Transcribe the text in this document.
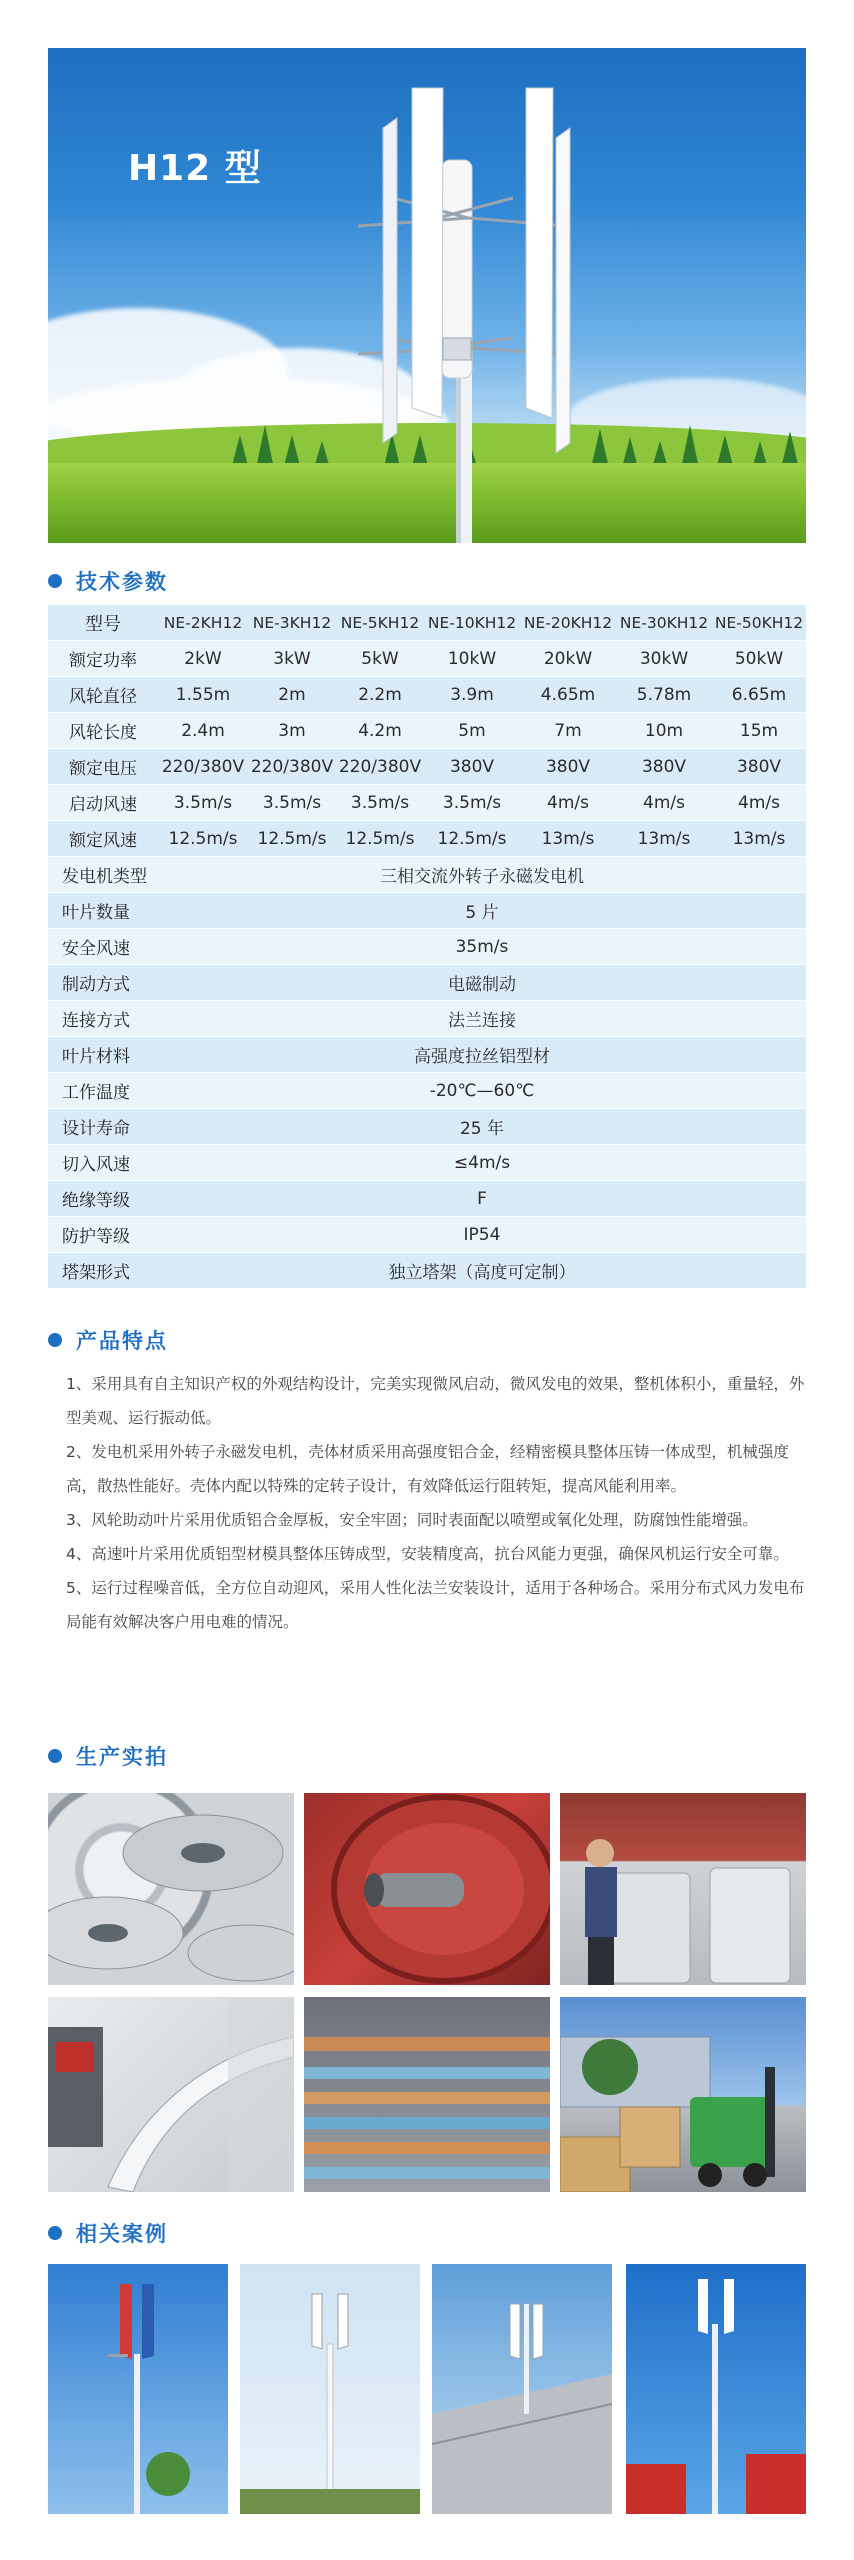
H12 型
技术参数
型号	NE-2KH12	NE-3KH12	NE-5KH12	NE-10KH12	NE-20KH12	NE-30KH12	NE-50KH12
额定功率	2kW	3kW	5kW	10kW	20kW	30kW	50kW
风轮直径	1.55m	2m	2.2m	3.9m	4.65m	5.78m	6.65m
风轮长度	2.4m	3m	4.2m	5m	7m	10m	15m
额定电压	220/380V	220/380V	220/380V	380V	380V	380V	380V
启动风速	3.5m/s	3.5m/s	3.5m/s	3.5m/s	4m/s	4m/s	4m/s
额定风速	12.5m/s	12.5m/s	12.5m/s	12.5m/s	13m/s	13m/s	13m/s
发电机类型	三相交流外转子永磁发电机						
叶片数量	5 片						
安全风速	35m/s						
制动方式	电磁制动						
连接方式	法兰连接						
叶片材料	高强度拉丝铝型材						
工作温度	-20℃—60℃						
设计寿命	25 年						
切入风速	≤4m/s						
绝缘等级	F						
防护等级	IP54						
塔架形式	独立塔架（高度可定制）						
产品特点

1、采用具有自主知识产权的外观结构设计，完美实现微风启动，微风发电的效果，整机体积小，重量轻，外型美观、运行振动低。

2、发电机采用外转子永磁发电机，壳体材质采用高强度铝合金，经精密模具整体压铸一体成型，机械强度高，散热性能好。壳体内配以特殊的定转子设计，有效降低运行阻转矩，提高风能利用率。

3、风轮助动叶片采用优质铝合金厚板，安全牢固；同时表面配以喷塑或氧化处理，防腐蚀性能增强。

4、高速叶片采用优质铝型材模具整体压铸成型，安装精度高，抗台风能力更强，确保风机运行安全可靠。

5、运行过程噪音低，全方位自动迎风，采用人性化法兰安装设计，适用于各种场合。采用分布式风力发电布局能有效解决客户用电难的情况。

生产实拍
相关案例
